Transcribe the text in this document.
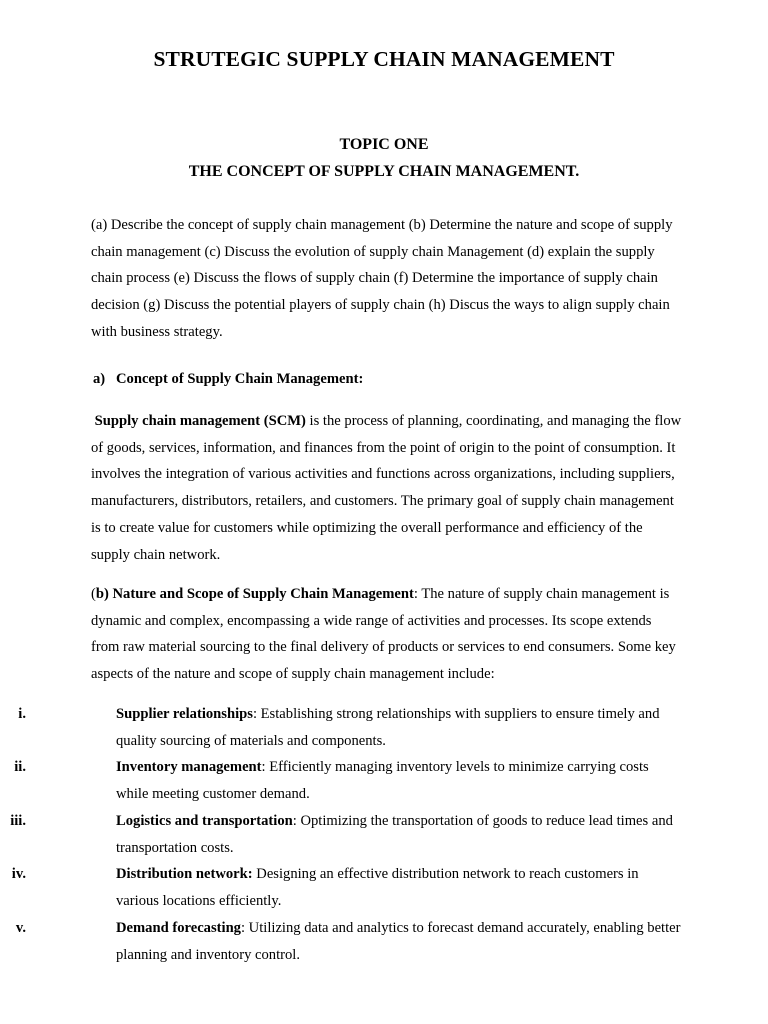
STRUTEGIC SUPPLY CHAIN MANAGEMENT
TOPIC ONE
THE CONCEPT OF SUPPLY CHAIN MANAGEMENT.

(a) Describe the concept of supply chain management (b) Determine the nature and scope of supply chain management (c) Discuss the evolution of supply chain Management (d) explain the supply chain process (e) Discuss the flows of supply chain (f) Determine the importance of supply chain decision (g) Discuss the potential players of supply chain (h) Discus the ways to align supply chain with business strategy.

a) Concept of Supply Chain Management:

Supply chain management (SCM) is the process of planning, coordinating, and managing the flow of goods, services, information, and finances from the point of origin to the point of consumption. It involves the integration of various activities and functions across organizations, including suppliers, manufacturers, distributors, retailers, and customers. The primary goal of supply chain management is to create value for customers while optimizing the overall performance and efficiency of the supply chain network.

(b) Nature and Scope of Supply Chain Management: The nature of supply chain management is dynamic and complex, encompassing a wide range of activities and processes. Its scope extends from raw material sourcing to the final delivery of products or services to end consumers. Some key aspects of the nature and scope of supply chain management include:

i.	Supplier relationships: Establishing strong relationships with suppliers to ensure timely and quality sourcing of materials and components.
ii.	Inventory management: Efficiently managing inventory levels to minimize carrying costs while meeting customer demand.
iii.	Logistics and transportation: Optimizing the transportation of goods to reduce lead times and transportation costs.
iv.	Distribution network: Designing an effective distribution network to reach customers in various locations efficiently.
v.	Demand forecasting: Utilizing data and analytics to forecast demand accurately, enabling better planning and inventory control.
